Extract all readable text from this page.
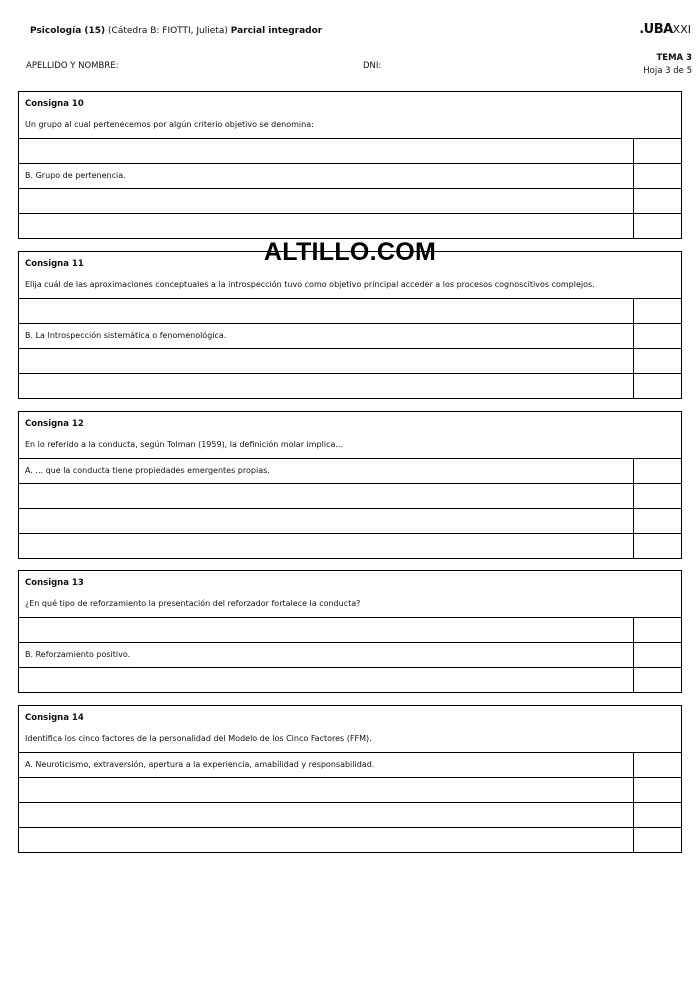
Psicología (15) (Cátedra B: FIOTTI, Julieta) Parcial integrador	.UBAXXI
APELLIDO Y NOMBRE:	DNI:
TEMA 3
Hoja 3 de 5
Consigna 10
Un grupo al cual pertenecemos por algún criterio objetivo se denomina:
B. Grupo de pertenencia.
Consigna 11
Elija cuál de las aproximaciones conceptuales a la introspección tuvo como objetivo principal acceder a los procesos cognoscitivos complejos.
B. La Introspección sistemática o fenomenológica.
Consigna 12
En lo referido a la conducta, según Tolman (1959), la definición molar implica...
A. ... que la conducta tiene propiedades emergentes propias.
Consigna 13
¿En qué tipo de reforzamiento la presentación del reforzador fortalece la conducta?
B. Reforzamiento positivo.
Consigna 14
Identifica los cinco factores de la personalidad del Modelo de los Cinco Factores (FFM).
A. Neuroticismo, extraversión, apertura a la experiencia, amabilidad y responsabilidad.
ALTILLO.COM
